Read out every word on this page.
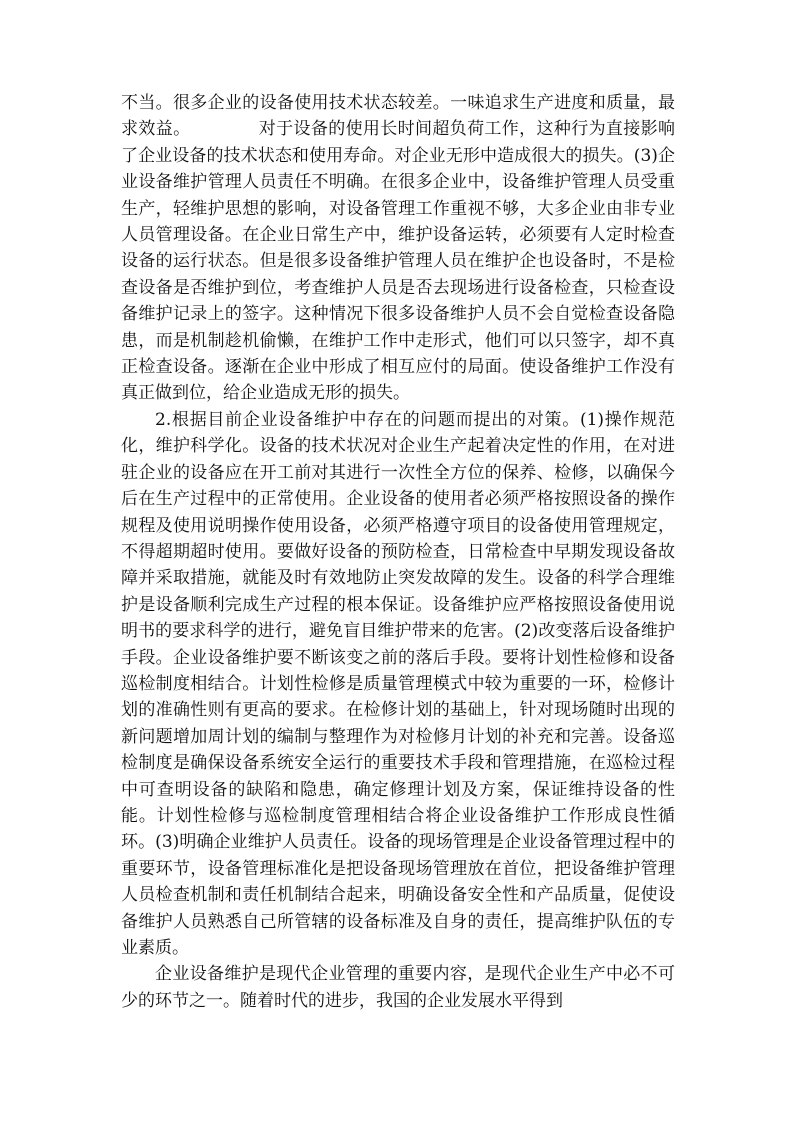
不当。很多企业的设备使用技术状态较差。一味追求生产进度和质量，最求效益。	对于设备的使用长时间超负荷工作，这种行为直接影响了企业设备的技术状态和使用寿命。对企业无形中造成很大的损失。(3)企业设备维护管理人员责任不明确。在很多企业中，设备维护管理人员受重生产，轻维护思想的影响，对设备管理工作重视不够，大多企业由非专业人员管理设备。在企业日常生产中，维护设备运转，必须要有人定时检查设备的运行状态。但是很多设备维护管理人员在维护企也设备时，不是检查设备是否维护到位，考查维护人员是否去现场进行设备检查，只检查设备维护记录上的签字。这种情况下很多设备维护人员不会自觉检查设备隐患，而是机制趁机偷懒，在维护工作中走形式，他们可以只签字，却不真正检查设备。逐渐在企业中形成了相互应付的局面。使设备维护工作没有真正做到位，给企业造成无形的损失。

2.根据目前企业设备维护中存在的问题而提出的对策。(1)操作规范化，维护科学化。设备的技术状况对企业生产起着决定性的作用，在对进驻企业的设备应在开工前对其进行一次性全方位的保养、检修，以确保今后在生产过程中的正常使用。企业设备的使用者必须严格按照设备的操作规程及使用说明操作使用设备，必须严格遵守项目的设备使用管理规定，不得超期超时使用。要做好设备的预防检查，日常检查中早期发现设备故障并采取措施，就能及时有效地防止突发故障的发生。设备的科学合理维护是设备顺利完成生产过程的根本保证。设备维护应严格按照设备使用说明书的要求科学的进行，避免盲目维护带来的危害。(2)改变落后设备维护手段。企业设备维护要不断该变之前的落后手段。要将计划性检修和设备巡检制度相结合。计划性检修是质量管理模式中较为重要的一环，检修计划的准确性则有更高的要求。在检修计划的基础上，针对现场随时出现的新问题增加周计划的编制与整理作为对检修月计划的补充和完善。设备巡检制度是确保设备系统安全运行的重要技术手段和管理措施，在巡检过程中可查明设备的缺陷和隐患，确定修理计划及方案，保证维持设备的性能。计划性检修与巡检制度管理相结合将企业设备维护工作形成良性循环。(3)明确企业维护人员责任。设备的现场管理是企业设备管理过程中的重要环节，设备管理标准化是把设备现场管理放在首位，把设备维护管理人员检查机制和责任机制结合起来，明确设备安全性和产品质量，促使设备维护人员熟悉自己所管辖的设备标准及自身的责任，提高维护队伍的专业素质。

企业设备维护是现代企业管理的重要内容，是现代企业生产中必不可少的环节之一。随着时代的进步，我国的企业发展水平得到
